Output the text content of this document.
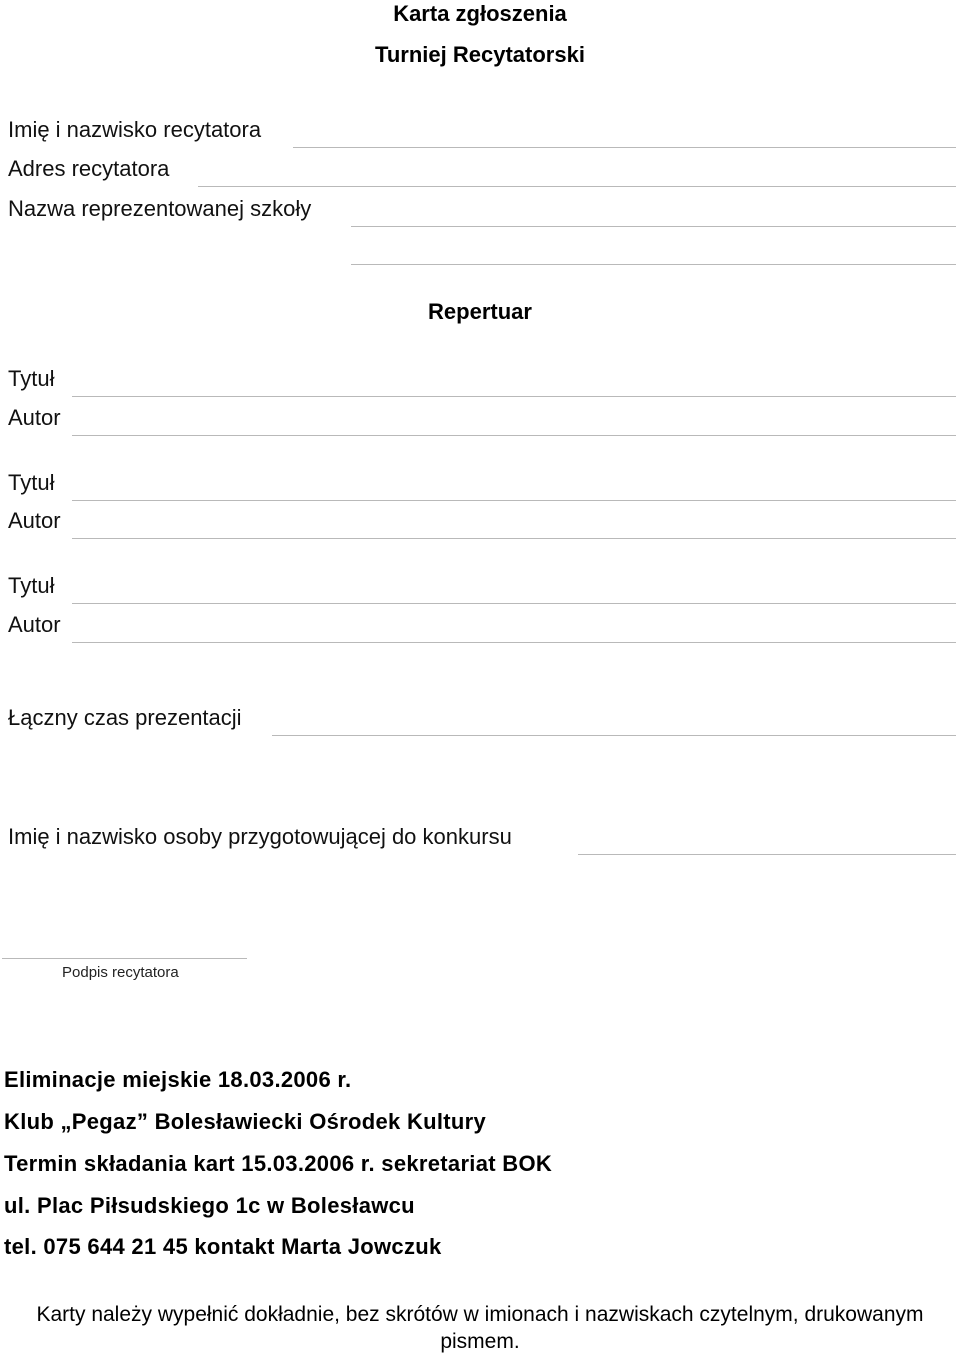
Karta zgłoszenia
Turniej Recytatorski
Imię i nazwisko recytatora
Adres recytatora
Nazwa reprezentowanej szkoły
Repertuar
Tytuł
Autor
Tytuł
Autor
Tytuł
Autor
Łączny czas prezentacji
Imię i nazwisko osoby przygotowującej do konkursu
Podpis recytatora
Eliminacje miejskie 18.03.2006 r.
Klub „Pegaz” Bolesławiecki Ośrodek Kultury
Termin składania kart 15.03.2006 r. sekretariat BOK
ul. Plac Piłsudskiego 1c w Bolesławcu
tel. 075 644 21 45 kontakt Marta Jowczuk
Karty należy wypełnić dokładnie, bez skrótów w imionach i nazwiskach czytelnym, drukowanym pismem.
